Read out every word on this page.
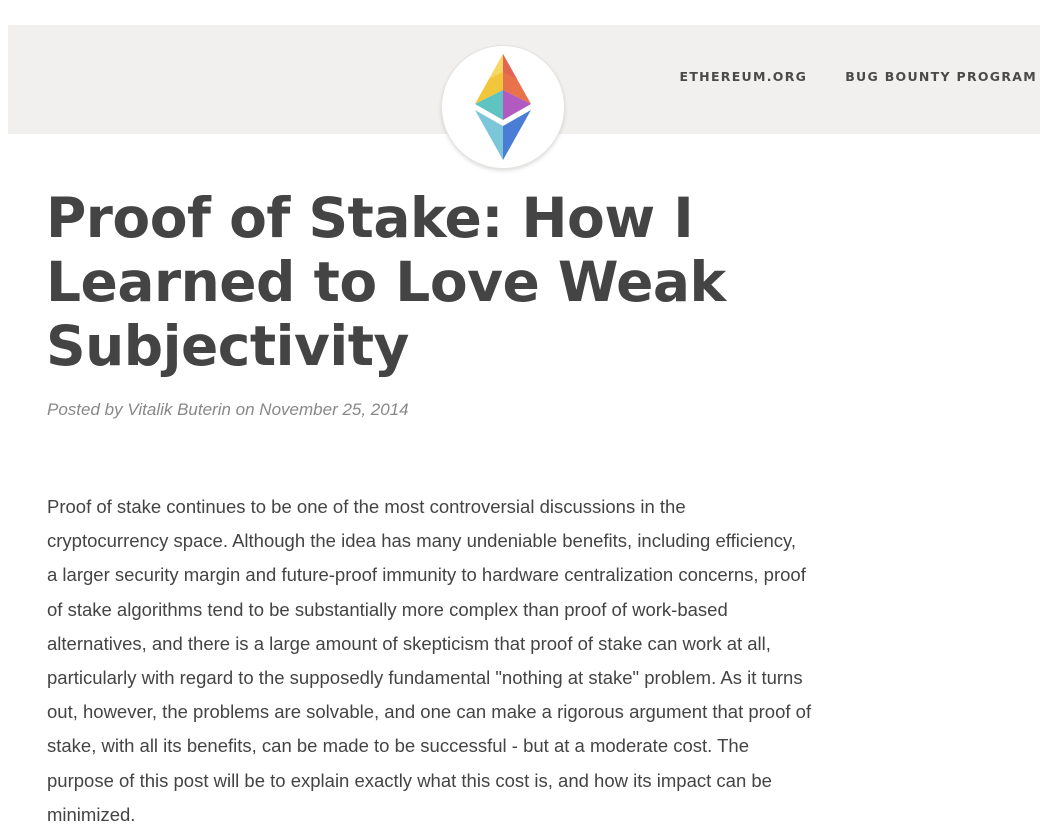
ETHEREUM.ORG	BUG BOUNTY PROGRAM
Proof of Stake: How I
Learned to Love Weak
Subjectivity

Posted by Vitalik Buterin on November 25, 2014

Proof of stake continues to be one of the most controversial discussions in the
cryptocurrency space. Although the idea has many undeniable benefits, including efficiency,
a larger security margin and future-proof immunity to hardware centralization concerns, proof
of stake algorithms tend to be substantially more complex than proof of work-based
alternatives, and there is a large amount of skepticism that proof of stake can work at all,
particularly with regard to the supposedly fundamental "nothing at stake" problem. As it turns
out, however, the problems are solvable, and one can make a rigorous argument that proof of
stake, with all its benefits, can be made to be successful - but at a moderate cost. The
purpose of this post will be to explain exactly what this cost is, and how its impact can be
minimized.
